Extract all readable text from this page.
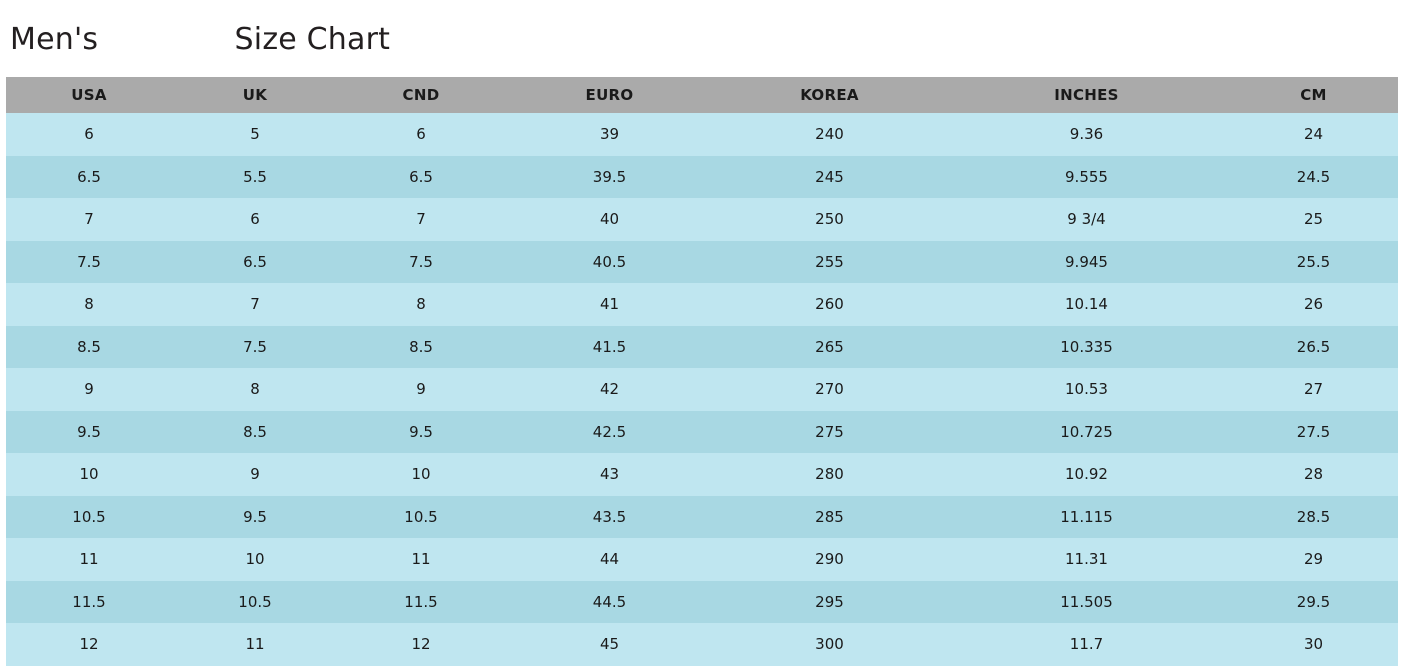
Men's              Size Chart
USA	UK	CND	EURO	KOREA	INCHES	CM
6	5	6	39	240	9.36	24
6.5	5.5	6.5	39.5	245	9.555	24.5
7	6	7	40	250	9 3/4	25
7.5	6.5	7.5	40.5	255	9.945	25.5
8	7	8	41	260	10.14	26
8.5	7.5	8.5	41.5	265	10.335	26.5
9	8	9	42	270	10.53	27
9.5	8.5	9.5	42.5	275	10.725	27.5
10	9	10	43	280	10.92	28
10.5	9.5	10.5	43.5	285	11.115	28.5
11	10	11	44	290	11.31	29
11.5	10.5	11.5	44.5	295	11.505	29.5
12	11	12	45	300	11.7	30
